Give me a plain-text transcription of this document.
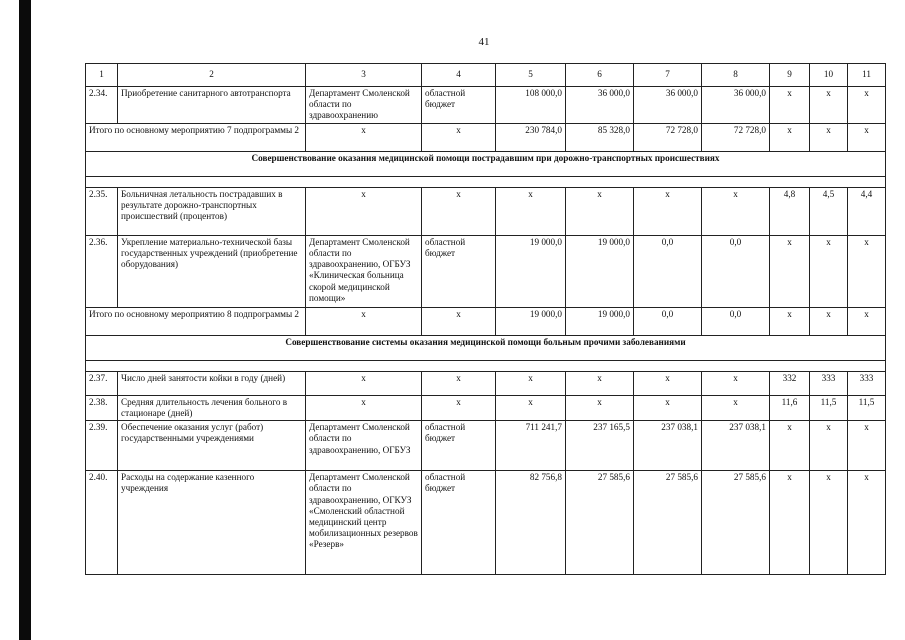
41
1	2	3	4	5	6	7	8	9	10	11
2.34.	Приобретение санитарного автотранспорта	Департамент Смоленской области по здравоохранению	областной бюджет	108 000,0	36 000,0	36 000,0	36 000,0	х	х	х
Итого по основному мероприятию 7 подпрограммы 2		х	х	230 784,0	85 328,0	72 728,0	72 728,0	х	х	х
Совершенствование оказания медицинской помощи пострадавшим при дорожно-транспортных происшествиях										

2.35.	Больничная летальность пострадавших в результате дорожно-транспортных происшествий (процентов)	х	х	х	х	х	х	4,8	4,5	4,4
2.36.	Укрепление материально-технической базы государственных учреждений (приобретение оборудования)	Департамент Смоленской области по здравоохранению, ОГБУЗ «Клиническая больница скорой медицинской помощи»	областной бюджет	19 000,0	19 000,0	0,0	0,0	х	х	х
Итого по основному мероприятию 8 подпрограммы 2		х	х	19 000,0	19 000,0	0,0	0,0	х	х	х
Совершенствование системы оказания медицинской помощи больным прочими заболеваниями										

2.37.	Число дней занятости койки в году (дней)	х	х	х	х	х	х	332	333	333
2.38.	Средняя длительность лечения больного в стационаре (дней)	х	х	х	х	х	х	11,6	11,5	11,5
2.39.	Обеспечение оказания услуг (работ) государственными учреждениями	Департамент Смоленской области по здравоохранению, ОГБУЗ	областной бюджет	711 241,7	237 165,5	237 038,1	237 038,1	х	х	х
2.40.	Расходы на содержание казенного учреждения	Департамент Смоленской области по здравоохранению, ОГКУЗ «Смоленский областной медицинский центр мобилизационных резервов «Резерв»	областной бюджет	82 756,8	27 585,6	27 585,6	27 585,6	х	х	х
